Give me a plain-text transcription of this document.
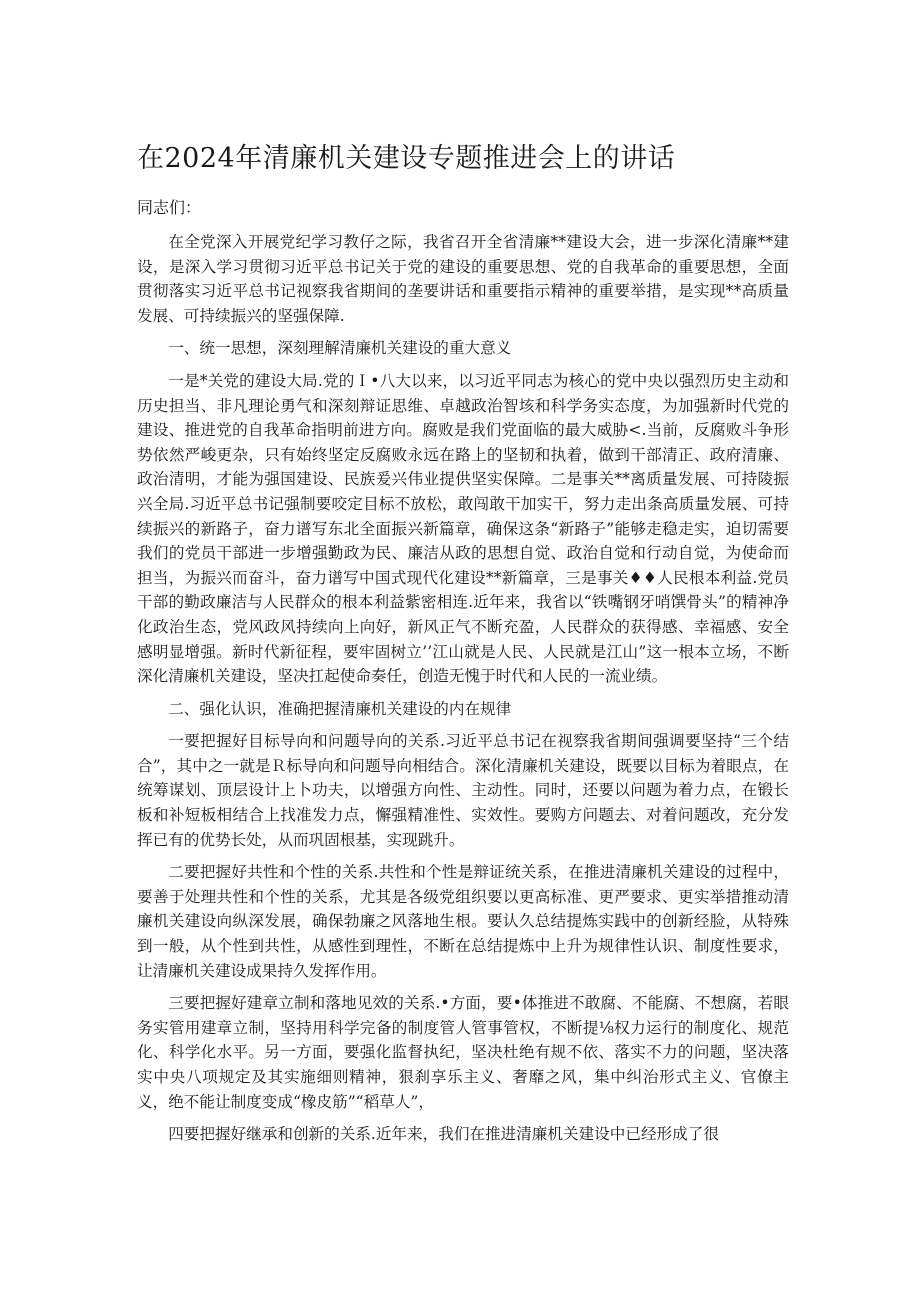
在2024年清廉机关建设专题推进会上的讲话

同志们：

在全党深入开展党纪学习教仔之际，我省召开全省清廉**建设大会，进一步深化清廉**建设，是深入学习贯彻习近平总书记关于党的建设的重要思想、党的自我革命的重要思想，全面贯彻落实习近平总书记视察我省期间的垄要讲话和重要指示精神的重要举措，是实现**高质量发展、可持续振兴的坚强保障.

一、统一思想，深刻理解清廉机关建设的重大意义

一是*关党的建设大局.党的Ｉ•八大以来，以习近平同志为核心的党中央以强烈历史主动和历史担当、非凡理论勇气和深刻辩证思维、卓越政治智垓和科学务实态度，为加强新时代党的建设、推进党的自我革命指明前进方向。腐败是我们党面临的最大威胁<.当前，反腐败斗争形势依然严峻更杂，只有始终坚定反腐败永远在路上的坚韧和执着，做到干部清正、政府清廉、政治清明，才能为强国建设、民族爰兴伟业提供坚实保障。二是事关**离质量发展、可持陵振兴全局.习近平总书记强制要咬定目标不放松，敢闯敢干加实干，努力走出条高质量发展、可持续振兴的新路子，奋力谱写东北全面振兴新篇章，确保这条“新路子”能够走稳走实，迫切需要我们的党员干部进一步增强勤政为民、廉洁从政的思想自觉、政治自觉和行动自觉，为使命而担当，为振兴而奋斗，奋力谱写中国式现代化建设**新篇章，三是事关♦♦人民根本利益.党员干部的勤政廉洁与人民群众的根本利益紫密相连.近年来，我省以“铁嘴钢牙哨馔骨头”的精神净化政治生态，党风政风持续向上向好，新风正气不断充盈，人民群众的获得感、幸福感、安全感明显增强。新时代新征程，要牢固树立’’江山就是人民、人民就是江山”这一根本立场，不断深化清廉机关建设，坚决扛起使命奏任，创造无愧于时代和人民的一流业绩。

二、强化认识，准确把握清廉机关建设的内在规律

一要把握好目标导向和问题导向的关系.习近平总书记在视察我省期间强调要坚持“三个结合”，其中之一就是Ｒ标导向和问题导向相结合。深化清廉机关建设，既要以目标为着眼点，在统筹谋划、顶层设计上卜功夫，以增强方向性、主动性。同时，还要以问题为着力点，在锻长板和补短板相结合上找准发力点，懈强精准性、实效性。要购方问题去、对着问题改，充分发挥已有的优势长处，从而巩固根基，实现跳升。

二要把握好共性和个性的关系.共性和个性是辩证统关系，在推进清廉机关建设的过程中，要善于处理共性和个性的关系，尤其是各级党组织要以更高标准、更严要求、更实举措推动清廉机关建设向纵深发展，确保勃廉之风落地生根。要认久总结提炼实践中的创新经脸，从特殊到一般，从个性到共性，从感性到理性，不断在总结提炼中上升为规律性认识、制度性要求，让清廉机关建设成果持久发挥作用。

三要把握好建章立制和落地见效的关系.•方面，要•体推进不敢腐、不能腐、不想腐，若眼务实管用建章立制，坚持用科学完备的制度管人管事管权，不断提⅛权力运行的制度化、规范化、科学化水平。另一方面，要强化监督执纪，坚决杜绝有规不依、落实不力的问题，坚决落实中央八项规定及其实施细则精神，狠刹享乐主义、奢靡之风，集中纠治形式主义、官僚主义，绝不能让制度变成“橡皮筋”“稻草人”，

四要把握好继承和创新的关系.近年来，我们在推进清廉机关建设中已经形成了很
